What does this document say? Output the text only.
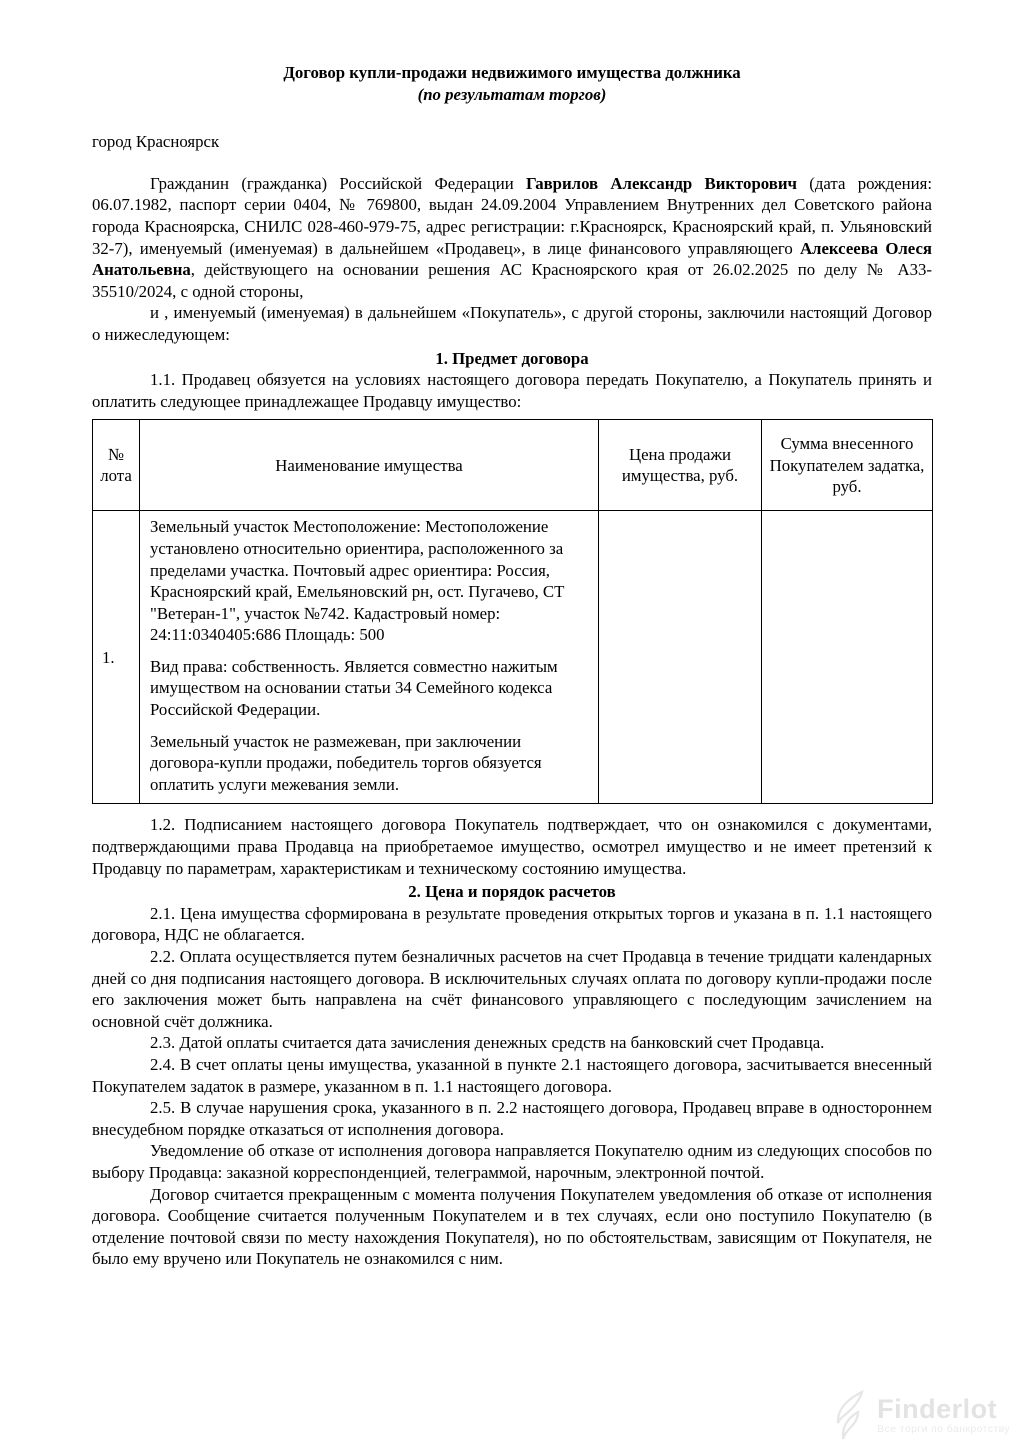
Договор купли-продажи недвижимого имущества должника

(по результатам торгов)

город Красноярск

Гражданин (гражданка) Российской Федерации Гаврилов Александр Викторович (дата рождения: 06.07.1982, паспорт серии 0404, № 769800, выдан 24.09.2004 Управлением Внутренних дел Советского района города Красноярска, СНИЛС 028-460-979-75, адрес регистрации: г.Красноярск, Красноярский край, п. Ульяновский 32-7), именуемый (именуемая) в дальнейшем «Продавец», в лице финансового управляющего Алексеева Олеся Анатольевна, действующего на основании решения АС Красноярского края от 26.02.2025 по делу № А33-35510/2024, с одной стороны,

и , именуемый (именуемая) в дальнейшем «Покупатель», с другой стороны, заключили настоящий Договор о нижеследующем:

1. Предмет договора

1.1. Продавец обязуется на условиях настоящего договора передать Покупателю, а Покупатель принять и оплатить следующее принадлежащее Продавцу имущество:

№ лота	Наименование имущества	Цена продажи имущества, руб.	Сумма внесенного Покупателем задатка, руб.
1.	Земельный участок Местоположение: Местоположение установлено относительно ориентира, расположенного за пределами участка. Почтовый адрес ориентира: Россия, Красноярский край, Емельяновский рн, ост. Пугачево, СТ "Ветеран-1", участок №742. Кадастровый номер: 24:11:0340405:686 Площадь: 500

Вид права: собственность. Является совместно нажитым имуществом на основании статьи 34 Семейного кодекса Российской Федерации.

Земельный участок не размежеван, при заключении договора-купли продажи, победитель торгов обязуется оплатить услуги межевания земли.		

1.2. Подписанием настоящего договора Покупатель подтверждает, что он ознакомился с документами, подтверждающими права Продавца на приобретаемое имущество, осмотрел имущество и не имеет претензий к Продавцу по параметрам, характеристикам и техническому состоянию имущества.

2. Цена и порядок расчетов

2.1. Цена имущества сформирована в результате проведения открытых торгов и указана в п. 1.1 настоящего договора, НДС не облагается.

2.2. Оплата осуществляется путем безналичных расчетов на счет Продавца в течение тридцати календарных дней со дня подписания настоящего договора. В исключительных случаях оплата по договору купли-продажи после его заключения может быть направлена на счёт финансового управляющего с последующим зачислением на основной счёт должника.

2.3. Датой оплаты считается дата зачисления денежных средств на банковский счет Продавца.

2.4. В счет оплаты цены имущества, указанной в пункте 2.1 настоящего договора, засчитывается внесенный Покупателем задаток в размере, указанном в п. 1.1 настоящего договора.

2.5. В случае нарушения срока, указанного в п. 2.2 настоящего договора, Продавец вправе в одностороннем внесудебном порядке отказаться от исполнения договора.

Уведомление об отказе от исполнения договора направляется Покупателю одним из следующих способов по выбору Продавца: заказной корреспонденцией, телеграммой, нарочным, электронной почтой.

Договор считается прекращенным с момента получения Покупателем уведомления об отказе от исполнения договора. Сообщение считается полученным Покупателем и в тех случаях, если оно поступило Покупателю (в отделение почтовой связи по месту нахождения Покупателя), но по обстоятельствам, зависящим от Покупателя, не было ему вручено или Покупатель не ознакомился с ним.

Finderlot
Все торги по банкротству
